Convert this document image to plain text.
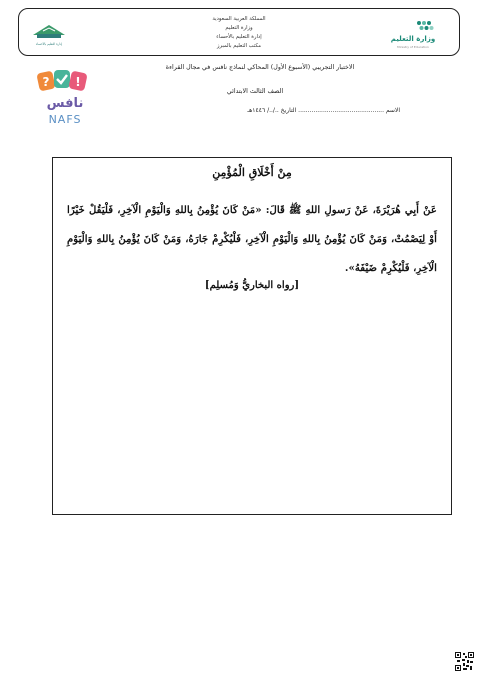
إدارة التعليم بالأحساء
المملكة العربية السعودية
وزارة التعليم
إدارة التعليم بالأحساء
مكتب التعليم بالمبرز
وزارة التعليم
Ministry of Education
? !
نافس
NAFS
الاختبار التجريبي (الأسبوع الأول) المحاكي لنماذج نافس في مجال القراءة
الصف الثالث الابتدائي
الاسم ............................................. التاريخ ../../ ١٤٤٦هـ
مِنْ أَخْلَاقِ الْمُؤْمِنِ
عَنْ أَبِي هُرَيْرَةَ، عَنْ رَسولِ اللهِ ﷺ قَالَ: «مَنْ كَانَ يُؤْمِنُ بِاللهِ وَالْيَوْمِ الْآخِرِ، فَلْيَقُلْ خَيْرًا أَوْ لِيَصْمُتْ، وَمَنْ كَانَ يُؤْمِنُ بِاللهِ وَالْيَوْمِ الْآخِرِ، فَلْيُكْرِمْ جَارَهُ، وَمَنْ كَانَ يُؤْمِنُ بِاللهِ وَالْيَوْمِ الْآخِرِ، فَلْيُكْرِمْ ضَيْفَهُ».
[رواه البخاريُّ وَمُسلِم]
